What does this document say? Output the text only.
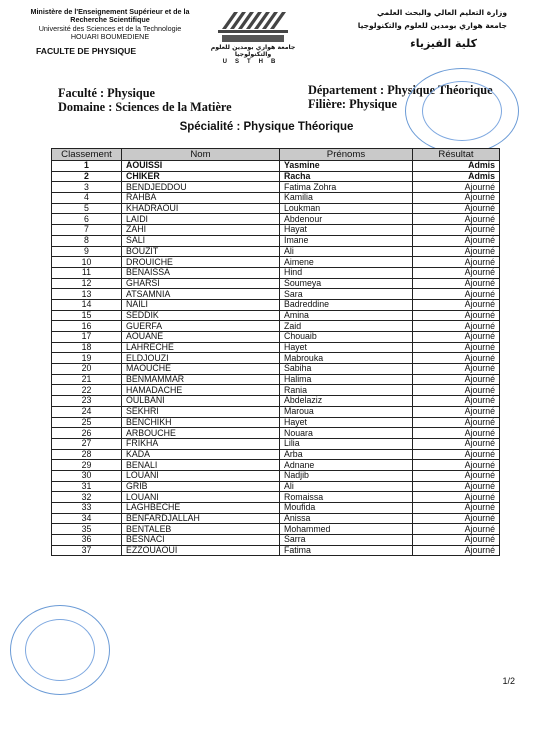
Ministère de l'Enseignement Supérieur et de la Recherche Scientifique
Université des Sciences et de la Technologie HOUARI BOUMEDIENE
FACULTE DE PHYSIQUE	جامعة هواري بومدين للعلوم والتكنولوجيا
USTHB
وزارة التعليم العالي والبحث العلمي
جامعة هواري بومدين للعلوم والتكنولوجيا
كلية الفيزياء
Faculté : Physique
Domaine : Sciences de la Matière
Département : Physique Théorique
Filière: Physique
Spécialité : Physique Théorique
Classement	Nom	Prénoms	Résultat
1	AOUISSI	Yasmine	Admis
2	CHIKER	Racha	Admis
3	BENDJEDDOU	Fatima Zohra	Ajourné
4	RAHBA	Kamilia	Ajourné
5	KHADRAOUI	Loukman	Ajourné
6	LAIDI	Abdenour	Ajourné
7	ZAHI	Hayat	Ajourné
8	SALI	Imane	Ajourné
9	BOUZIT	Ali	Ajourné
10	DROUICHE	Aimene	Ajourné
11	BENAISSA	Hind	Ajourné
12	GHARSI	Soumeya	Ajourné
13	ATSAMNIA	Sara	Ajourné
14	NAILI	Badreddine	Ajourné
15	SEDDIK	Amina	Ajourné
16	GUERFA	Zaid	Ajourné
17	AOUANE	Chouaib	Ajourné
18	LAHRECHE	Hayet	Ajourné
19	ELDJOUZI	Mabrouka	Ajourné
20	MAOUCHE	Sabiha	Ajourné
21	BENMAMMAR	Halima	Ajourné
22	HAMADACHE	Rania	Ajourné
23	OULBANI	Abdelaziz	Ajourné
24	SEKHRI	Maroua	Ajourné
25	BENCHIKH	Hayet	Ajourné
26	ARBOUCHE	Nouara	Ajourné
27	FRIKHA	Lilia	Ajourné
28	KADA	Arba	Ajourné
29	BENALI	Adnane	Ajourné
30	LOUANI	Nadjib	Ajourné
31	GRIB	Ali	Ajourné
32	LOUANI	Romaissa	Ajourné
33	LAGHBECHE	Moufida	Ajourné
34	BENFARDJALLAH	Anissa	Ajourné
35	BENTALEB	Mohammed	Ajourné
36	BESNACI	Sarra	Ajourné
37	EZZOUAOUI	Fatima	Ajourné
1/2
